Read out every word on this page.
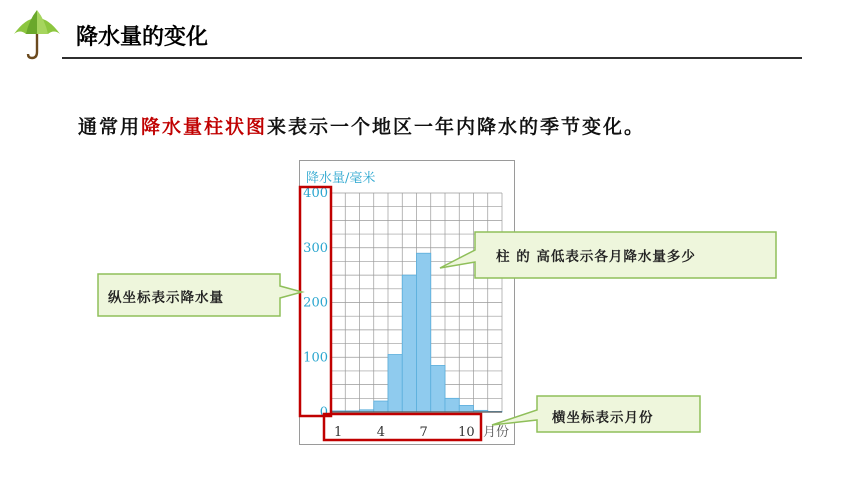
降水量的变化
通常用降水量柱状图来表示一个地区一年内降水的季节变化。
降水量/毫米
月份
0
100
200
300
400
1	4	7 10
纵坐标表示降水量
柱 的 高低表示各月降水量多少
横坐标表示月份
